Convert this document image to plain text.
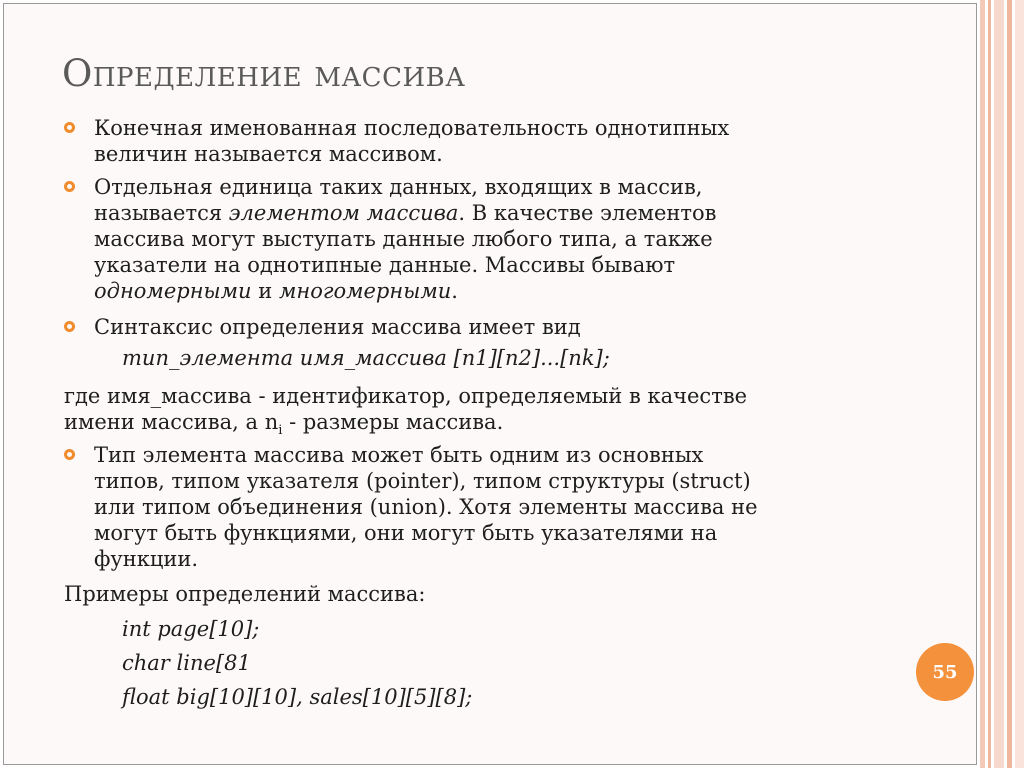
Определение массива
Конечная именованная последовательность однотипных
величин называется массивом.
Отдельная единица таких данных, входящих в массив,
называется элементом массива. В качестве элементов
массива могут выступать данные любого типа, а также
указатели на однотипные данные. Массивы бывают
одномерными и многомерными.
Синтаксис определения массива имеет вид
тип_элемента имя_массива [n1][n2]...[nk];
где имя_массива - идентификатор, определяемый в качестве
имени массива, а $n_i$ - размеры массива.
Тип элемента массива может быть одним из основных
типов, типом указателя (pointer), типом структуры (struct)
или типом объединения (union). Хотя элементы массива не
могут быть функциями, они могут быть указателями на
функции.
Примеры определений массива:
int page[10];
char line[81
float big[10][10], sales[10][5][8];
55
